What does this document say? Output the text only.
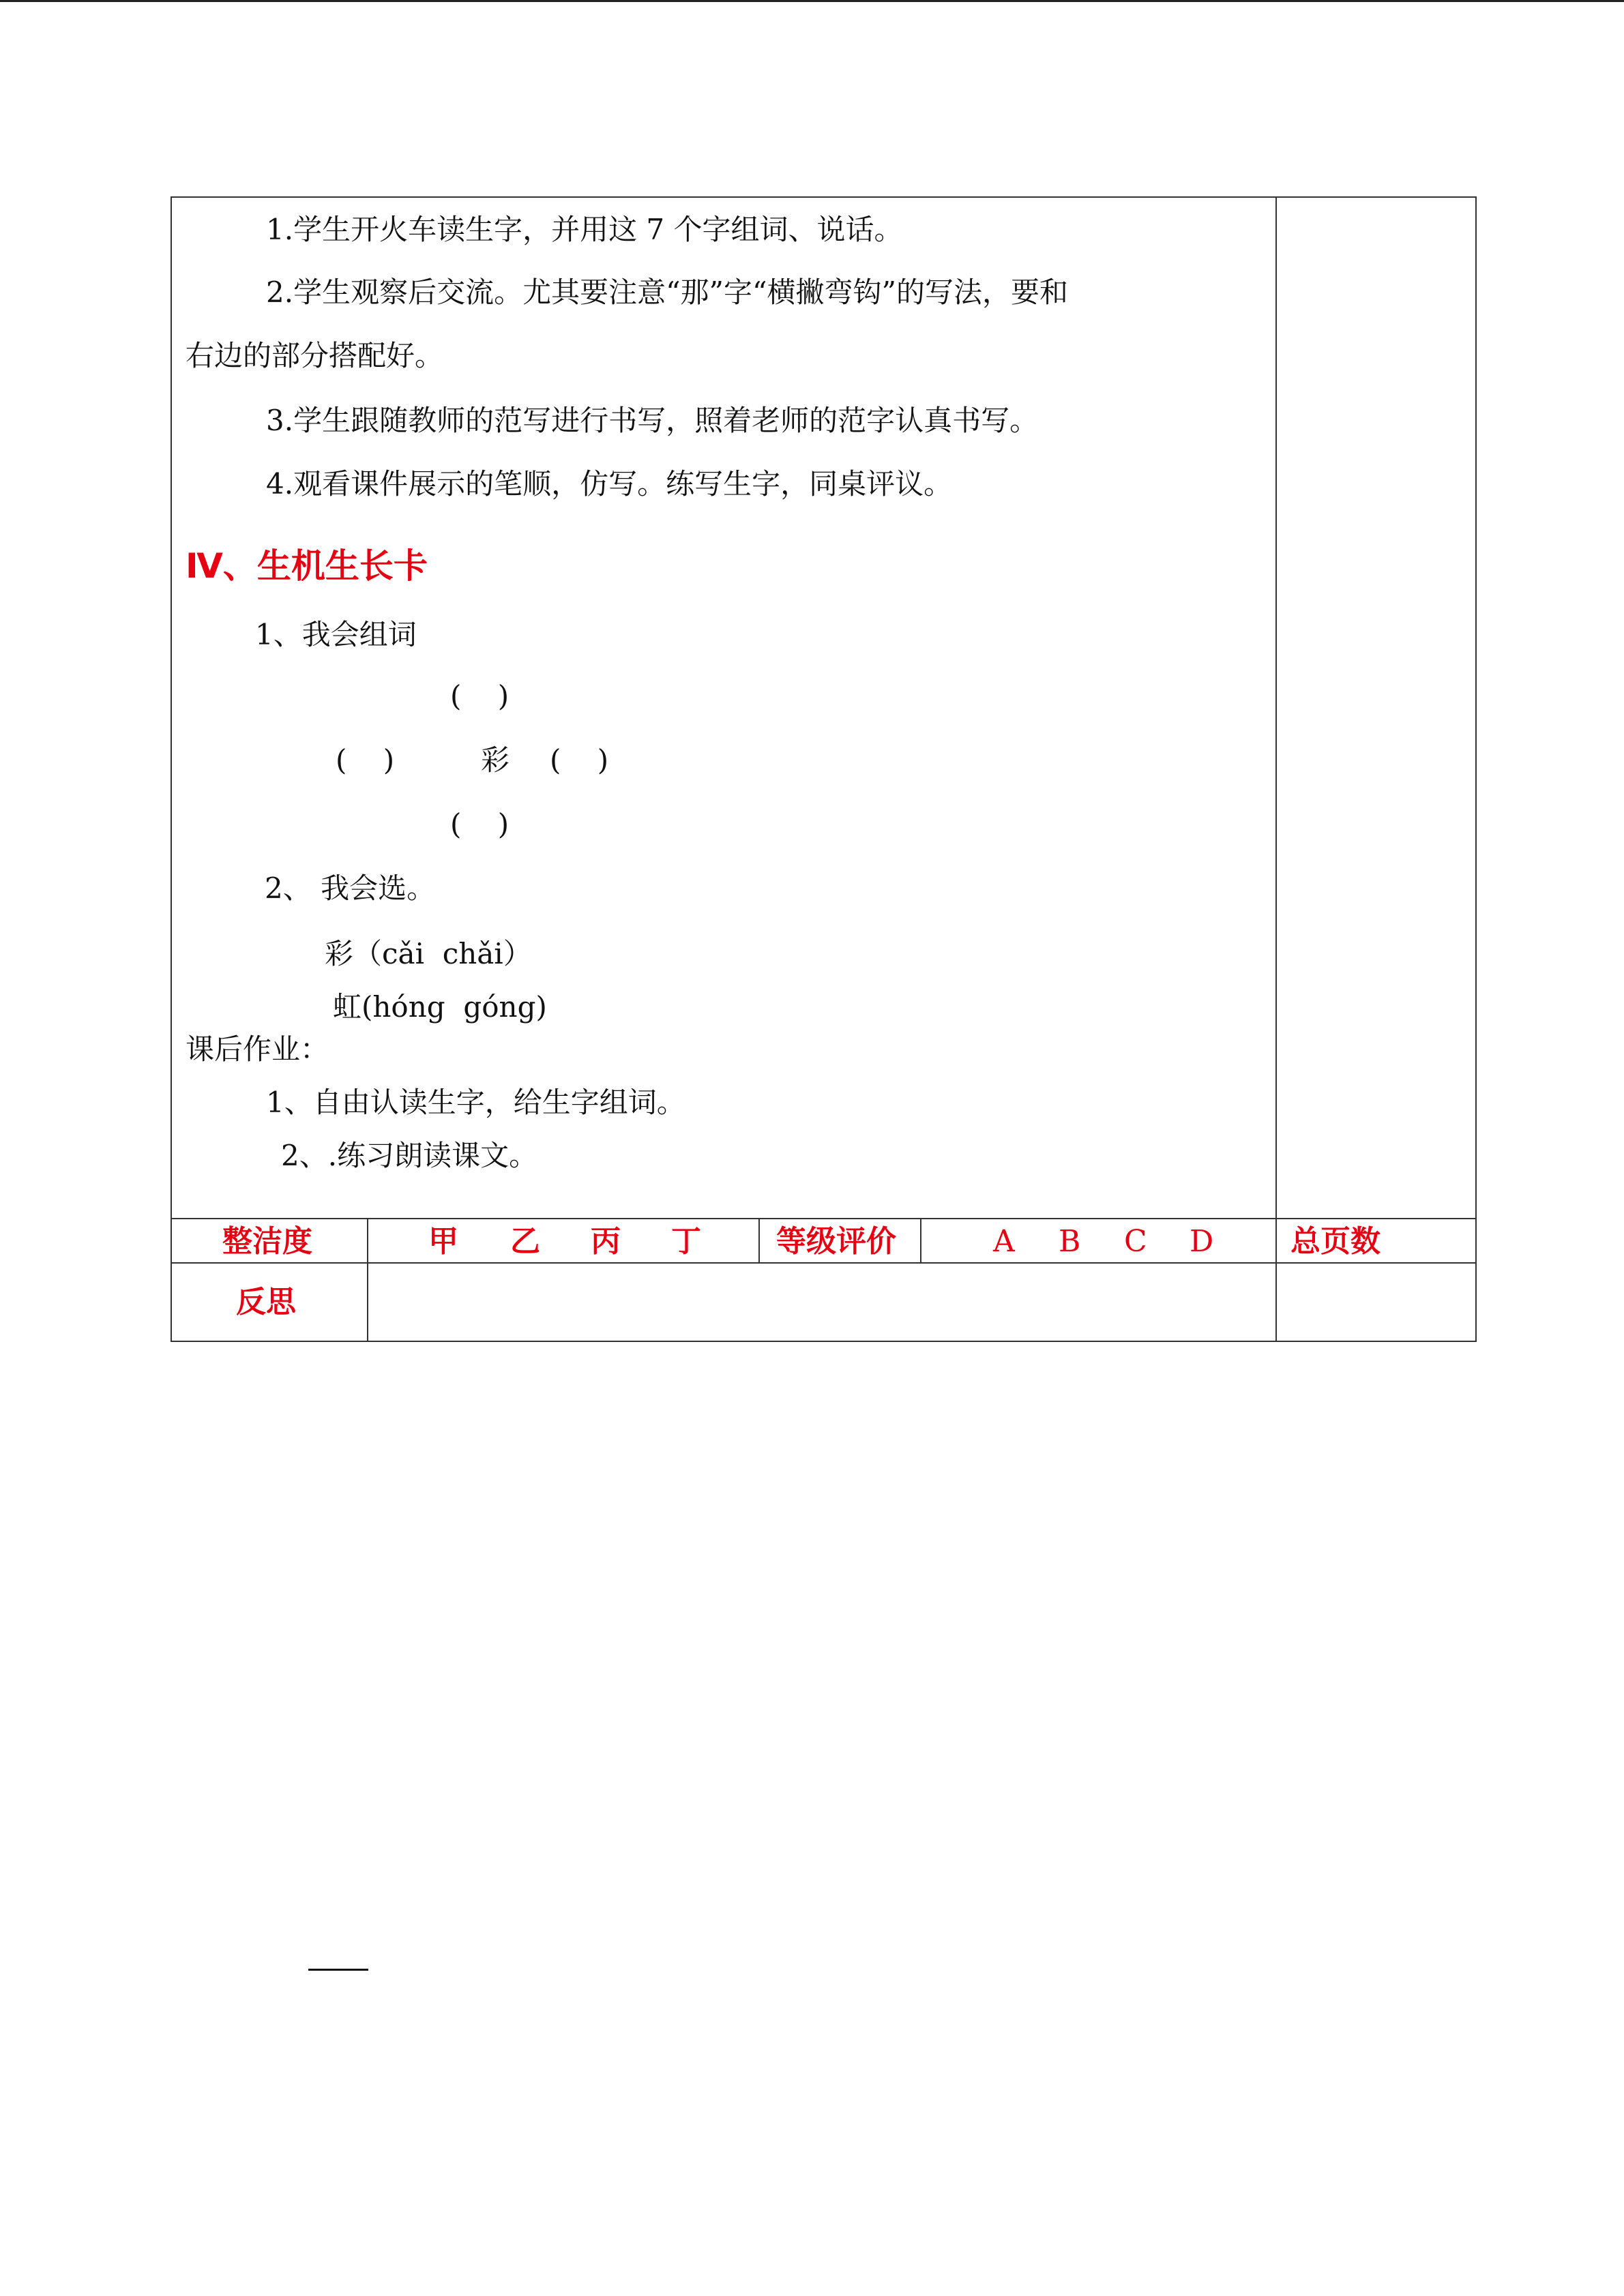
1.学生开火车读生字，并用这 7 个字组词、说话。
2.学生观察后交流。尤其要注意“那”字“横撇弯钩”的写法，要和
右边的部分搭配好。
3.学生跟随教师的范写进行书写，照着老师的范字认真书写。
4.观看课件展示的笔顺，仿写。练写生字，同桌评议。
Ⅳ、生机生长卡
1、我会组词
(    )
(    )	彩 (    )
(    )
2、 我会选。
彩（cǎi  chǎi）
虹(hóng  góng)
课后作业：
1、自由认读生字，给生字组词。
2、.练习朗读课文。
整洁度	甲 乙 丙 丁	等级评价	A B C D	总页数
反思
